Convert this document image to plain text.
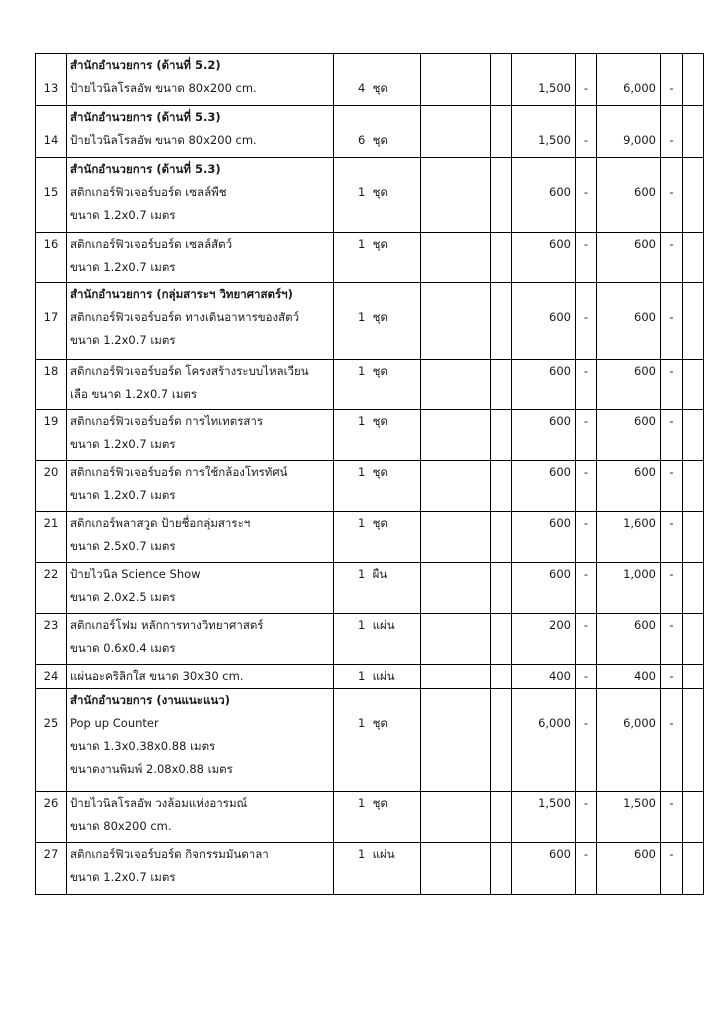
13	สำนักอำนวยการ (ด้านที่ 5.2)
ป้ายไวนิลโรลอัพ ขนาด 80x200 cm.	4 ชุด			1,500	-	6,000	-	

14	สำนักอำนวยการ (ด้านที่ 5.3)
ป้ายไวนิลโรลอัพ ขนาด 80x200 cm.	6 ชุด			1,500	-	9,000	-	

15	สำนักอำนวยการ (ด้านที่ 5.3)
สติกเกอร์ฟิวเจอร์บอร์ด เซลล์พืช
ขนาด 1.2x0.7 เมตร	1 ชุด			600	-	600	-	

16	สติกเกอร์ฟิวเจอร์บอร์ด เซลล์สัตว์
ขนาด 1.2x0.7 เมตร	1 ชุด			600	-	600	-	

17	สำนักอำนวยการ (กลุ่มสาระฯ วิทยาศาสตร์ฯ)
สติกเกอร์ฟิวเจอร์บอร์ด ทางเดินอาหารของสัตว์
ขนาด 1.2x0.7 เมตร	1 ชุด			600	-	600	-	

18	สติกเกอร์ฟิวเจอร์บอร์ด โครงสร้างระบบไหลเวียน
เลือ ขนาด 1.2x0.7 เมตร	1 ชุด			600	-	600	-	

19	สติกเกอร์ฟิวเจอร์บอร์ด การไทเทตรสาร
ขนาด 1.2x0.7 เมตร	1 ชุด			600	-	600	-	

20	สติกเกอร์ฟิวเจอร์บอร์ด การใช้กล้องโทรทัศน์
ขนาด 1.2x0.7 เมตร	1 ชุด			600	-	600	-	

21	สติกเกอร์พลาสวูด ป้ายชื่อกลุ่มสาระฯ
ขนาด 2.5x0.7 เมตร	1 ชุด			600	-	1,600	-	

22	ป้ายไวนิล Science Show
ขนาด 2.0x2.5 เมตร	1 ผืน			600	-	1,000	-	

23	สติกเกอร์โฟม หลักการทางวิทยาศาสตร์
ขนาด 0.6x0.4 เมตร	1 แผ่น			200	-	600	-	

24	แผ่นอะคริลิกใส ขนาด 30x30 cm.	1 แผ่น			400	-	400	-	

25	สำนักอำนวยการ (งานแนะแนว)
Pop up Counter
ขนาด 1.3x0.38x0.88 เมตร
ขนาดงานพิมพ์ 2.08x0.88 เมตร	1 ชุด			6,000	-	6,000	-	

26	ป้ายไวนิลโรลอัพ วงล้อมแห่งอารมณ์
ขนาด 80x200 cm.	1 ชุด			1,500	-	1,500	-	

27	สติกเกอร์ฟิวเจอร์บอร์ด กิจกรรมมันดาลา
ขนาด 1.2x0.7 เมตร	1 แผ่น			600	-	600	-	
